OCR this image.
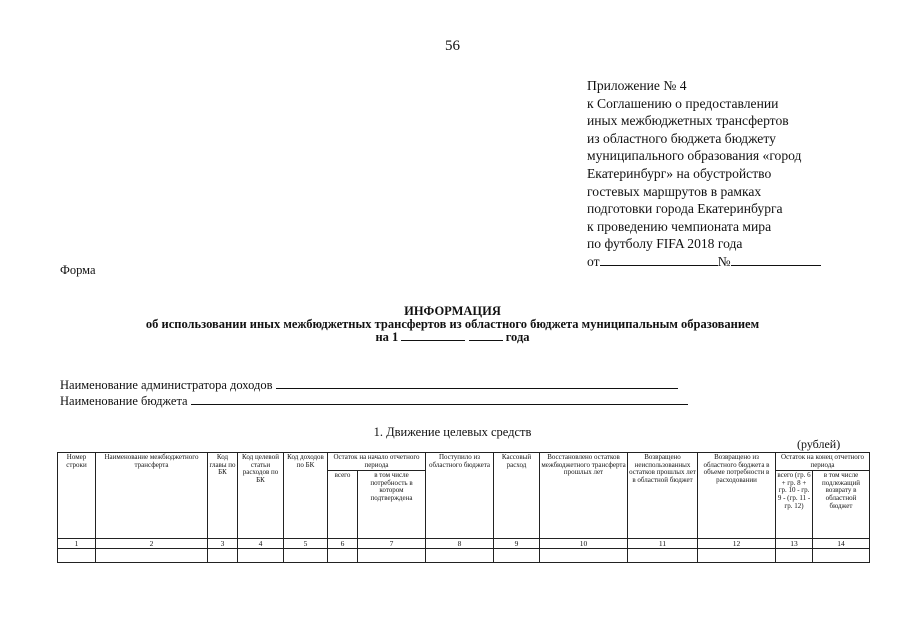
56
Приложение № 4
к Соглашению о предоставлении
иных межбюджетных трансфертов
из областного бюджета бюджету
муниципального образования «город
Екатеринбург» на обустройство
гостевых маршрутов в рамках
подготовки города Екатеринбурга
к проведению чемпионата мира
по футболу FIFA 2018 года
от	№
Форма
ИНФОРМАЦИЯ
об использовании иных межбюджетных трансфертов из областного бюджета муниципальным образованием
на 1	года
Наименование администратора доходов
Наименование бюджета
1. Движение целевых средств
(рублей)
Номер строки	Наименование межбюджетного трансферта	Код главы по БК	Код целевой статьи расходов по БК	Код доходов по БК	Остаток на начало отчетного периода		Поступило из областного бюджета	Кассовый расход	Восстановлено остатков межбюджетного трансферта прошлых лет	Возвращено неиспользованных остатков прошлых лет в областной бюджет	Возвращено из областного бюджета в объеме потребности в расходовании	Остаток на конец отчетного периода	
					всего	в том числе потребность в котором подтверждена						всего (гр. 6 + гр. 8 + гр. 10 - гр. 9 - (гр. 11 - гр. 12)	в том числе подлежащий возврату в областной бюджет
1	2	3	4	5	6	7	8	9	10	11	12	13	14
